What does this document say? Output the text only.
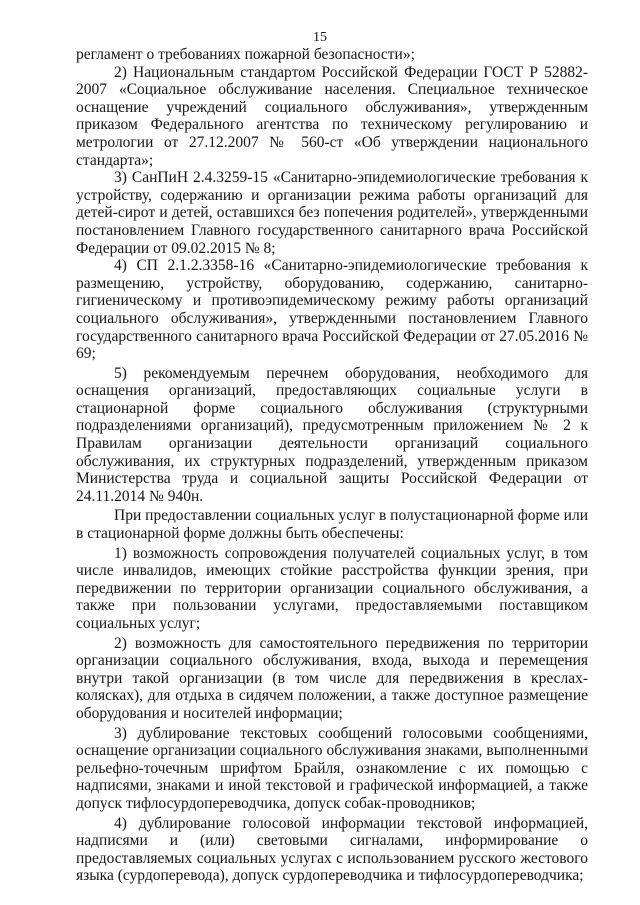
15

регламент о требованиях пожарной безопасности»;

2) Национальным стандартом Российской Федерации ГОСТ Р 52882-2007 «Социальное обслуживание населения. Специальное техническое оснащение учреждений социального обслуживания», утвержденным приказом Федерального агентства по техническому регулированию и метрологии от 27.12.2007 № 560-ст «Об утверждении национального стандарта»;

3) СанПиН 2.4.3259-15 «Санитарно-эпидемиологические требования к устройству, содержанию и организации режима работы организаций для детей-сирот и детей, оставшихся без попечения родителей», утвержденными постановлением Главного государственного санитарного врача Российской Федерации от 09.02.2015 № 8;

4) СП 2.1.2.3358-16 «Санитарно-эпидемиологические требования к размещению, устройству, оборудованию, содержанию, санитарно-гигиеническому и противоэпидемическому режиму работы организаций социального обслуживания», утвержденными постановлением Главного государственного санитарного врача Российской Федерации от 27.05.2016 № 69;

5) рекомендуемым перечнем оборудования, необходимого для оснащения организаций, предоставляющих социальные услуги в стационарной форме социального обслуживания (структурными подразделениями организаций), предусмотренным приложением № 2 к Правилам организации деятельности организаций социального обслуживания, их структурных подразделений, утвержденным приказом Министерства труда и социальной защиты Российской Федерации от 24.11.2014 № 940н.

При предоставлении социальных услуг в полустационарной форме или в стационарной форме должны быть обеспечены:

1) возможность сопровождения получателей социальных услуг, в том числе инвалидов, имеющих стойкие расстройства функции зрения, при передвижении по территории организации социального обслуживания, а также при пользовании услугами, предоставляемыми поставщиком социальных услуг;

2) возможность для самостоятельного передвижения по территории организации социального обслуживания, входа, выхода и перемещения внутри такой организации (в том числе для передвижения в креслах-колясках), для отдыха в сидячем положении, а также доступное размещение оборудования и носителей информации;

3) дублирование текстовых сообщений голосовыми сообщениями, оснащение организации социального обслуживания знаками, выполненными рельефно-точечным шрифтом Брайля, ознакомление с их помощью с надписями, знаками и иной текстовой и графической информацией, а также допуск тифлосурдопереводчика, допуск собак-проводников;

4) дублирование голосовой информации текстовой информацией, надписями и (или) световыми сигналами, информирование о предоставляемых социальных услугах с использованием русского жестового языка (сурдоперевода), допуск сурдопереводчика и тифлосурдопереводчика;
